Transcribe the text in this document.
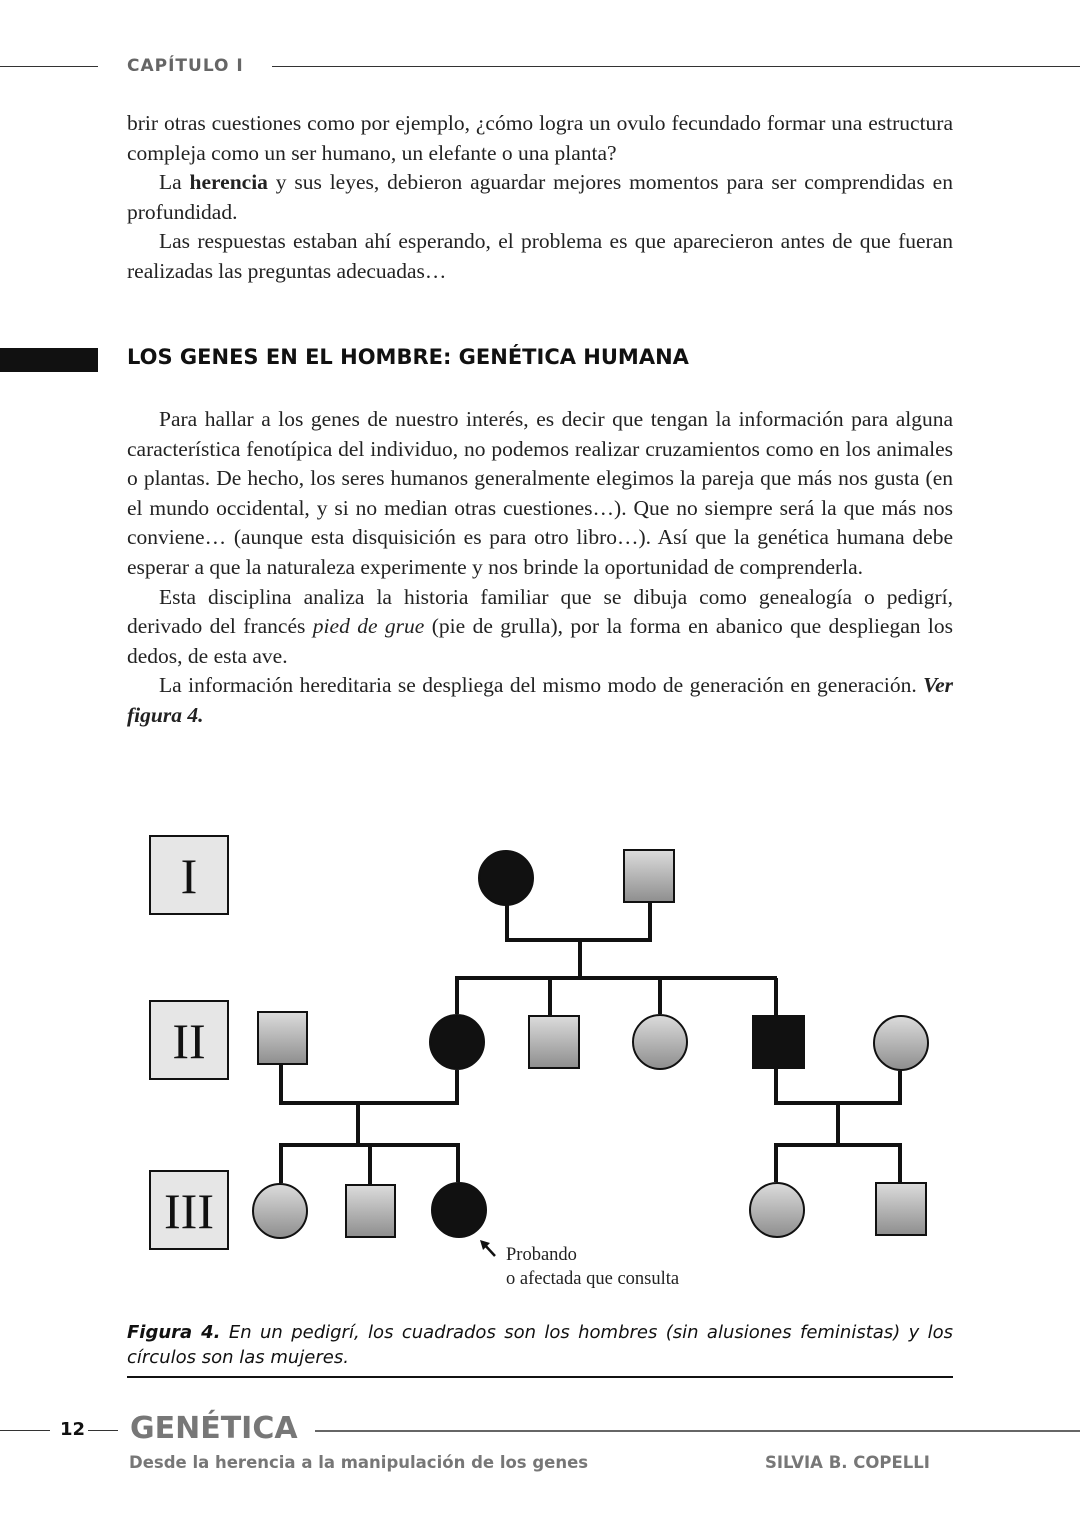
CAPÍTULO I

brir otras cuestiones como por ejemplo, ¿cómo logra un ovulo fecundado formar una estructura compleja como un ser humano, un elefante o una planta?

La herencia y sus leyes, debieron aguardar mejores momentos para ser comprendidas en profundidad.

Las respuestas estaban ahí esperando, el problema es que aparecieron antes de que fueran realizadas las preguntas adecuadas…

LOS GENES EN EL HOMBRE: GENÉTICA HUMANA

Para hallar a los genes de nuestro interés, es decir que tengan la información para alguna característica fenotípica del individuo, no podemos realizar cruzamientos como en los animales o plantas. De hecho, los seres humanos generalmente elegimos la pareja que más nos gusta (en el mundo occidental, y si no median otras cuestiones…). Que no siempre será la que más nos conviene… (aunque esta disquisición es para otro libro…). Así que la genética humana debe esperar a que la naturaleza experimente y nos brinde la oportunidad de comprenderla.

Esta disciplina analiza la historia familiar que se dibuja como genealogía o pedigrí, derivado del francés pied de grue (pie de grulla), por la forma en abanico que despliegan los dedos, de esta ave.

La información hereditaria se despliega del mismo modo de generación en generación. Ver figura 4.

I
II
III
Probando
o afectada que consulta
Figura 4. En un pedigrí, los cuadrados son los hombres (sin alusiones feministas) y los círculos son las mujeres.
12 GENÉTICA
Desde la herencia a la manipulación de los genes	SILVIA B. COPELLI
